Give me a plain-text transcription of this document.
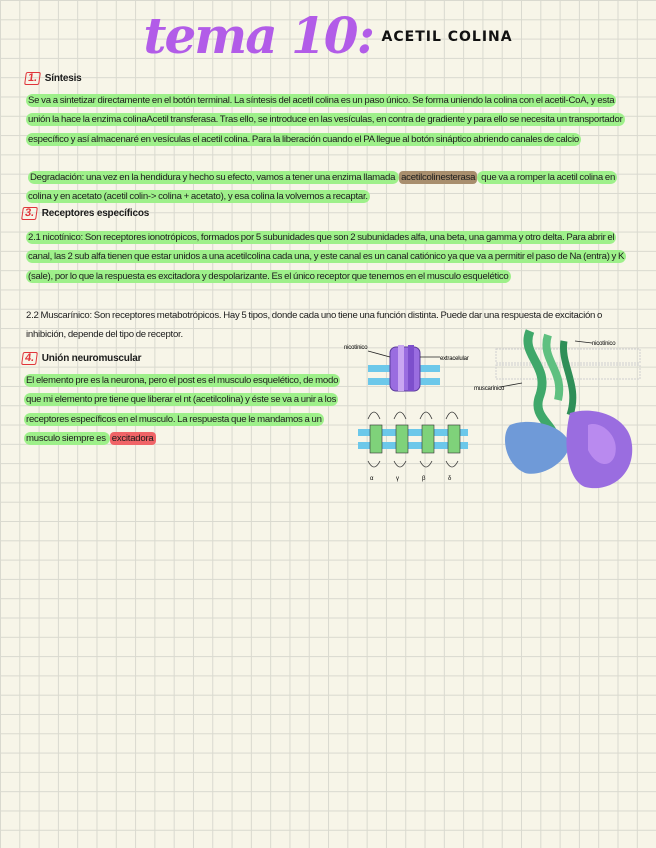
tema 10: ACETIL COLINA
1. Síntesis
Se va a sintetizar directamente en el botón terminal. La síntesis del acetil colina es un paso único. Se forma uniendo la colina con el acetil-CoA, y esta unión la hace la enzima colinaAcetil transferasa. Tras ello, se introduce en las vesículas, en contra de gradiente y para ello se necesita un transportador específico y así almacenaré en vesículas el acetil colina. Para la liberación cuando el PA llegue al botón sináptico abriendo canales de calcio
Degradación: una vez en la hendidura y hecho su efecto, vamos a tener una enzima llamada acetilcolinesterasa que va a romper la acetil colina en colina y en acetato (acetil colin-> colina + acetato), y esa colina la volvemos a recaptar.
3. Receptores específicos
2.1 nicotínico: Son receptores ionotrópicos, formados por 5 subunidades que son 2 subunidades alfa, una beta, una gamma y otro delta. Para abrir el canal, las 2 sub alfa tienen que estar unidos a una acetilcolina cada una, y este canal es un canal catiónico ya que va a permitir el paso de Na (entra) y K (sale), por lo que la respuesta es excitadora y despolarizante. Es el único receptor que tenemos en el musculo esquelético
2.2 Muscarínico: Son receptores metabotrópicos. Hay 5 tipos, donde cada uno tiene una función distinta. Puede dar una respuesta de excitación o inhibición, depende del tipo de receptor.
4. Unión neuromuscular
El elemento pre es la neurona, pero el post es el musculo esquelético, de modo que mi elemento pre tiene que liberar el nt (acetilcolina) y éste se va a unir a los receptores específicos en el musculo. La respuesta que le mandamos a un musculo siempre es excitadora
nicotínico
extracelular
α	γ	β	δ
nicotínico
muscarínico
